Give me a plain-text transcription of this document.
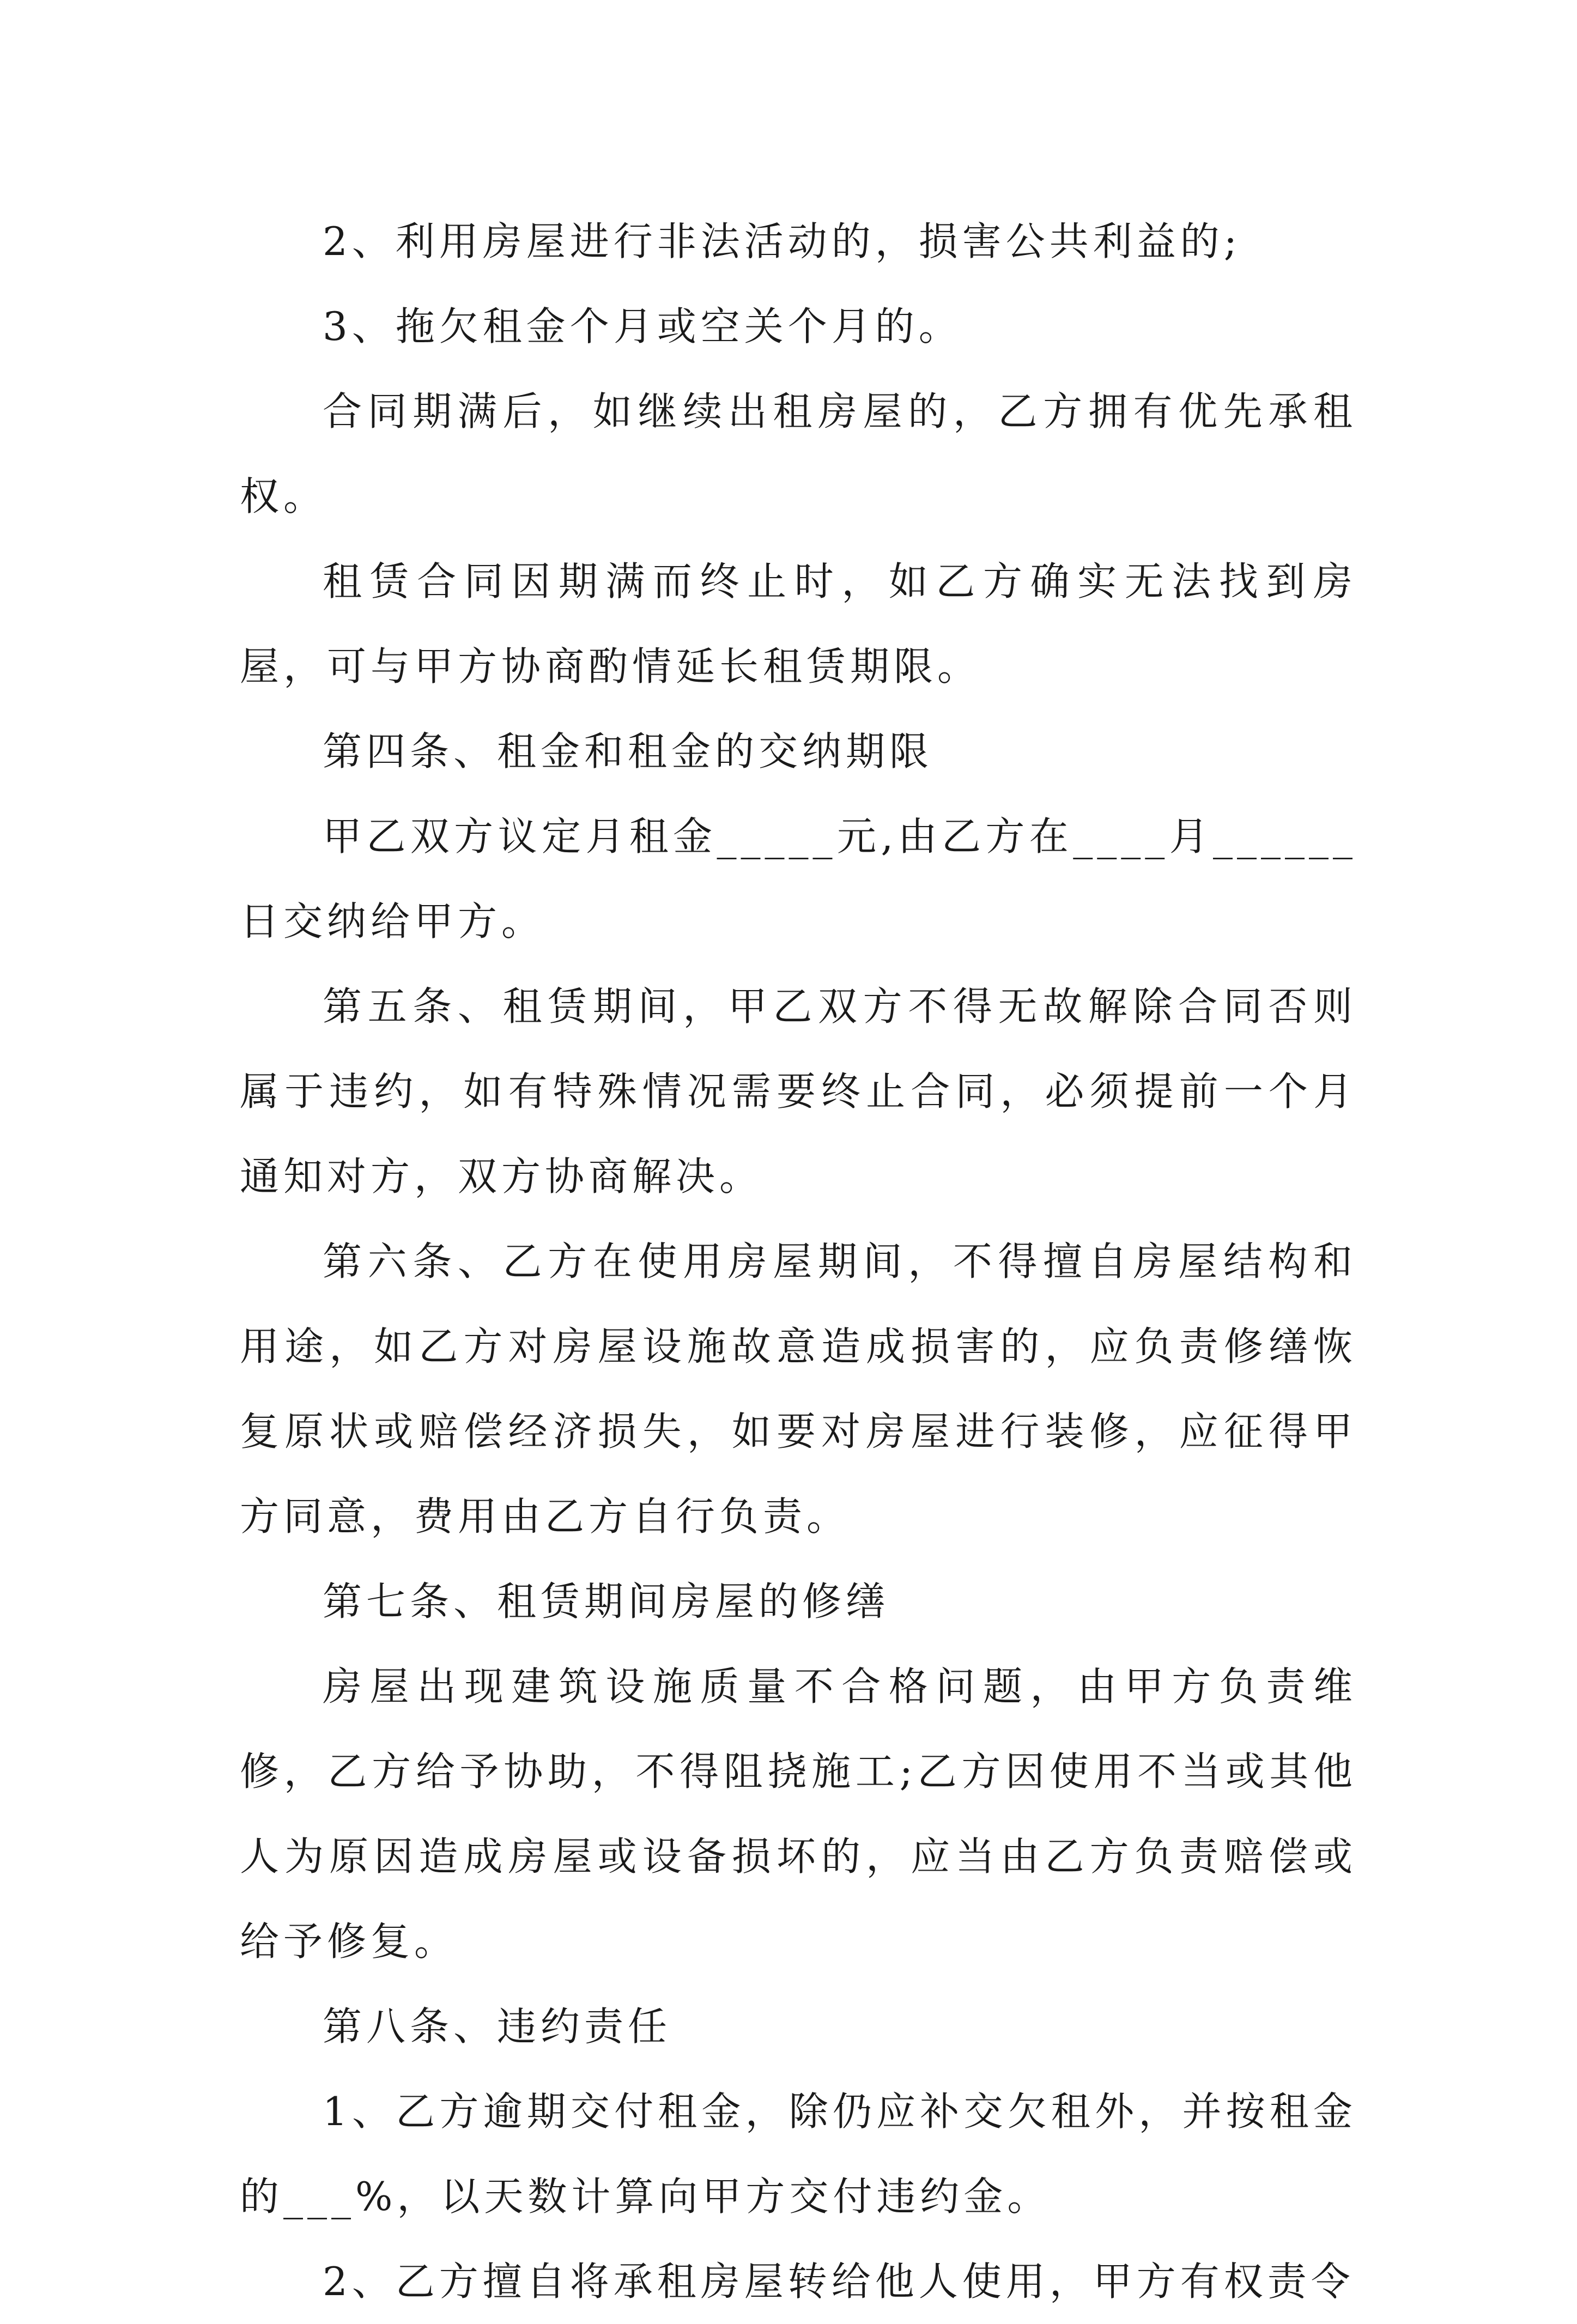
2、利用房屋进行非法活动的，损害公共利益的;

3、拖欠租金个月或空关个月的。

合同期满后，如继续出租房屋的，乙方拥有优先承租权。

租赁合同因期满而终止时，如乙方确实无法找到房屋，可与甲方协商酌情延长租赁期限。

第四条、租金和租金的交纳期限

甲乙双方议定月租金_____元,由乙方在____月______日交纳给甲方。

第五条、租赁期间，甲乙双方不得无故解除合同否则属于违约，如有特殊情况需要终止合同，必须提前一个月通知对方，双方协商解决。

第六条、乙方在使用房屋期间，不得擅自房屋结构和用途，如乙方对房屋设施故意造成损害的，应负责修缮恢复原状或赔偿经济损失，如要对房屋进行装修，应征得甲方同意，费用由乙方自行负责。

第七条、租赁期间房屋的修缮

房屋出现建筑设施质量不合格问题，由甲方负责维修，乙方给予协助，不得阻挠施工;乙方因使用不当或其他人为原因造成房屋或设备损坏的，应当由乙方负责赔偿或给予修复。

第八条、违约责任

1、乙方逾期交付租金，除仍应补交欠租外，并按租金的___%，以天数计算向甲方交付违约金。

2、乙方擅自将承租房屋转给他人使用，甲方有权责令
